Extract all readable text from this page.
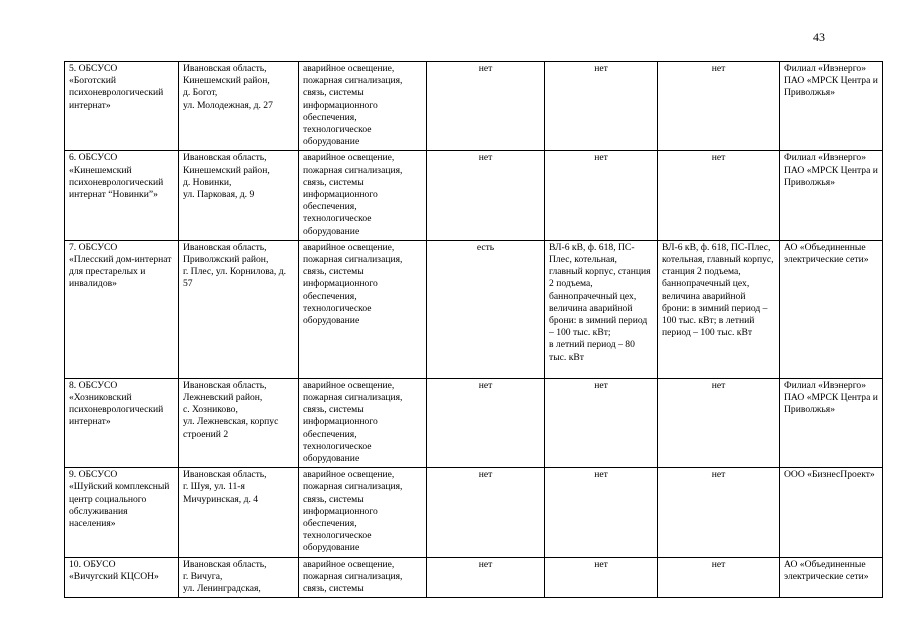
43
5. ОБСУСО
«Боготский психоневрологический интернат»	Ивановская область,
Кинешемский район,
д. Богот,
ул. Молодежная, д. 27	аварийное освещение, пожарная сигнализация, связь, системы информационного обеспечения, технологическое оборудование	нет	нет	нет	Филиал «Ивэнерго» ПАО «МРСК Центра и Приволжья»
6. ОБСУСО
«Кинешемский психоневрологический интернат “Новинки”»	Ивановская область,
Кинешемский район,
д. Новинки,
ул. Парковая, д. 9	аварийное освещение, пожарная сигнализация, связь, системы информационного обеспечения, технологическое оборудование	нет	нет	нет	Филиал «Ивэнерго» ПАО «МРСК Центра и Приволжья»
7. ОБСУСО
«Плесский дом-интернат для престарелых и инвалидов»	Ивановская область,
Приволжский район,
г. Плес, ул. Корнилова, д. 57	аварийное освещение, пожарная сигнализация, связь, системы информационного обеспечения, технологическое оборудование	есть	ВЛ-6 кВ, ф. 618, ПС-Плес, котельная, главный корпус, станция 2 подъема, баннопрачечный цех, величина аварийной брони: в зимний период – 100 тыс. кВт;
в летний период – 80 тыс. кВт	ВЛ-6 кВ, ф. 618, ПС-Плес, котельная, главный корпус, станция 2 подъема, баннопрачечный цех, величина аварийной брони: в зимний период – 100 тыс. кВт; в летний период – 100 тыс. кВт	АО «Объединенные электрические сети»
8. ОБСУСО
«Хозниковский психоневрологический интернат»	Ивановская область,
Лежневский район,
с. Хозниково,
ул. Лежневская, корпус строений 2	аварийное освещение, пожарная сигнализация, связь, системы информационного обеспечения, технологическое оборудование	нет	нет	нет	Филиал «Ивэнерго» ПАО «МРСК Центра и Приволжья»
9. ОБСУСО
«Шуйский комплексный центр социального обслуживания населения»	Ивановская область,
г. Шуя, ул. 11-я Мичуринская, д. 4	аварийное освещение, пожарная сигнализация, связь, системы информационного обеспечения, технологическое оборудование	нет	нет	нет	ООО «БизнесПроект»
10. ОБУСО
«Вичугский КЦСОН»	Ивановская область,
г. Вичуга,
ул. Ленинградская,	аварийное освещение, пожарная сигнализация, связь, системы	нет	нет	нет	АО «Объединенные электрические сети»
